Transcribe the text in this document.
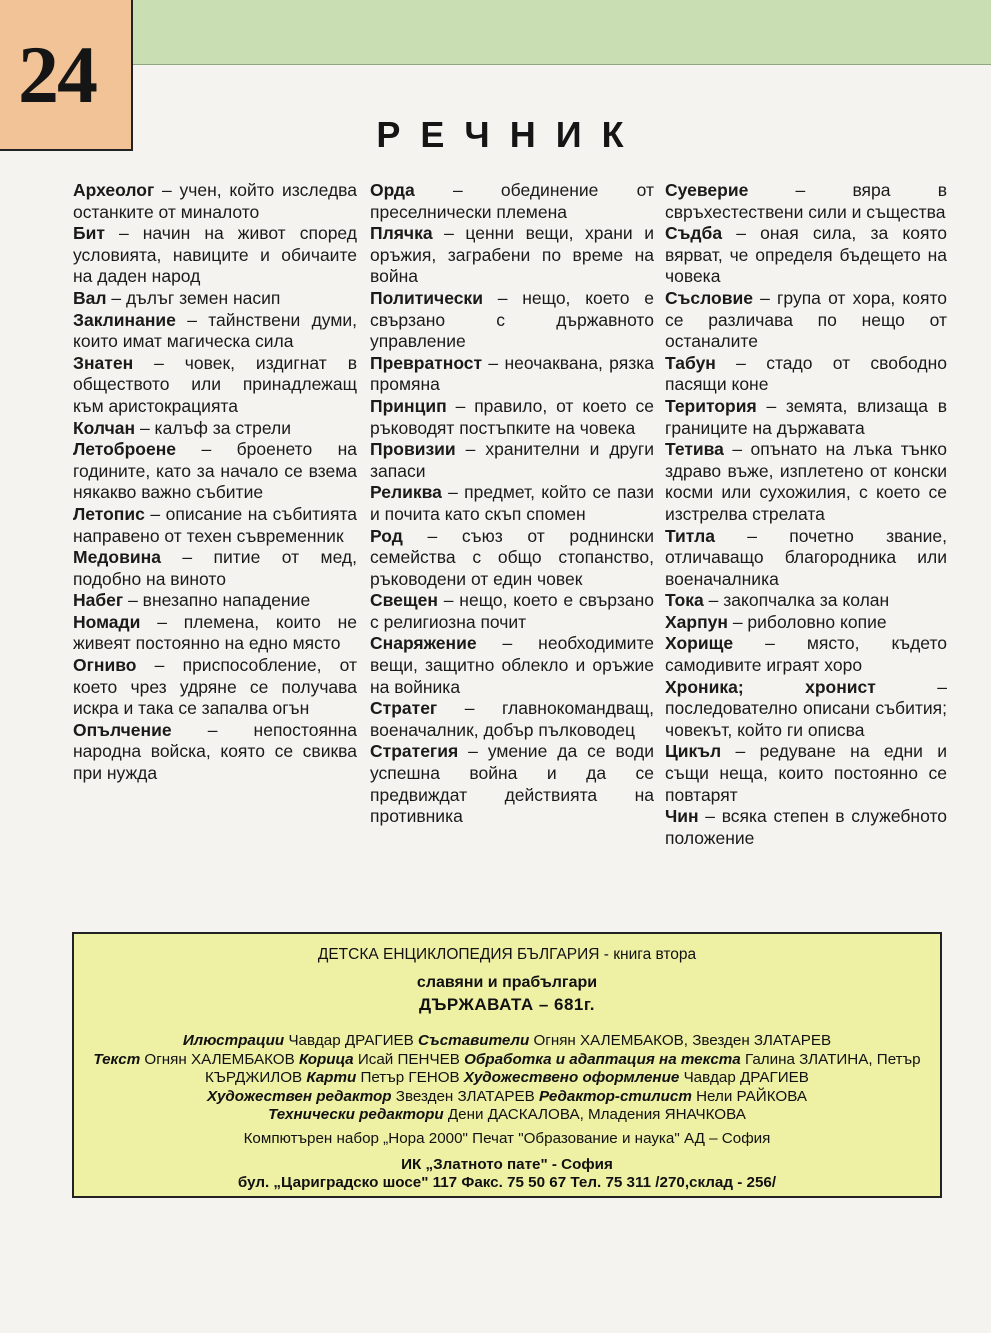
24
РЕЧНИК

Археолог – учен, който изследва останките от миналото

Бит – начин на живот според условията, навиците и обичаите на даден народ

Вал – дълъг земен насип

Заклинание – тайнствени думи, които имат магическа сила

Знатен – човек, издигнат в обществото или принадлежащ към аристокрацията

Колчан – калъф за стрели

Летоброене – броенето на годините, като за начало се взема някакво важно събитие

Летопис – описание на събитията направено от техен съвременник

Медовина – питие от мед, подобно на виното

Набег – внезапно нападение

Номади – племена, които не живеят постоянно на едно място

Огниво – приспособление, от което чрез удряне се получава искра и така се запалва огън

Опълчение – непостоянна народна войска, която се свиква при нужда

Орда – обединение от преселнически племена

Плячка – ценни вещи, храни и оръжия, заграбени по време на война

Политически – нещо, което е свързано с държавното управление

Превратност – неочаквана, рязка промяна

Принцип – правило, от което се ръководят постъпките на човека

Провизии – хранителни и други запаси

Реликва – предмет, който се пази и почита като скъп спомен

Род – съюз от роднински семейства с общо стопанство, ръководени от един човек

Свещен – нещо, което е свързано с религиозна почит

Снаряжение – необходимите вещи, защитно облекло и оръжие на войника

Стратег – главнокомандващ, военачалник, добър пълководец

Стратегия – умение да се води успешна война и да се предвиждат действията на противника

Суеверие – вяра в свръхестествени сили и същества

Съдба – оная сила, за която вярват, че определя бъдещето на човека

Съсловие – група от хора, която се различава по нещо от останалите

Табун – стадо от свободно пасящи коне

Територия – земята, влизаща в границите на държавата

Тетива – опънато на лъка тънко здраво въже, изплетено от конски косми или сухожилия, с което се изстрелва стрелата

Титла – почетно звание, отличаващо благородника или военачалника

Тока – закопчалка за колан

Харпун – риболовно копие

Хорище – място, където самодивите играят хоро

Хроника; хронист – последователно описани събития; човекът, който ги описва

Цикъл – редуване на едни и същи неща, които постоянно се повтарят

Чин – всяка степен в служебното положение

ДЕТСКА ЕНЦИКЛОПЕДИЯ БЪЛГАРИЯ - книга втора

славяни и прабългари

ДЪРЖАВАТА – 681г.

Илюстрации Чавдар ДРАГИЕВ Съставители Огнян ХАЛЕМБАКОВ, Звезден ЗЛАТАРЕВ
Текст Огнян ХАЛЕМБАКОВ Корица Исай ПЕНЧЕВ Обработка и адаптация на текста Галина ЗЛАТИНА, Петър КЪРДЖИЛОВ Карти Петър ГЕНОВ Художествено оформление Чавдар ДРАГИЕВ
Художествен редактор Звезден ЗЛАТАРЕВ Редактор-стилист Нели РАЙКОВА
Технически редактори Дени ДАСКАЛОВА, Младения ЯНАЧКОВА

Компютърен набор „Нора 2000" Печат "Образование и наука" АД – София

ИК „Златното пате" - София

бул. „Цариградско шосе" 117 Факс. 75 50 67 Тел. 75 311 /270,склад - 256/
